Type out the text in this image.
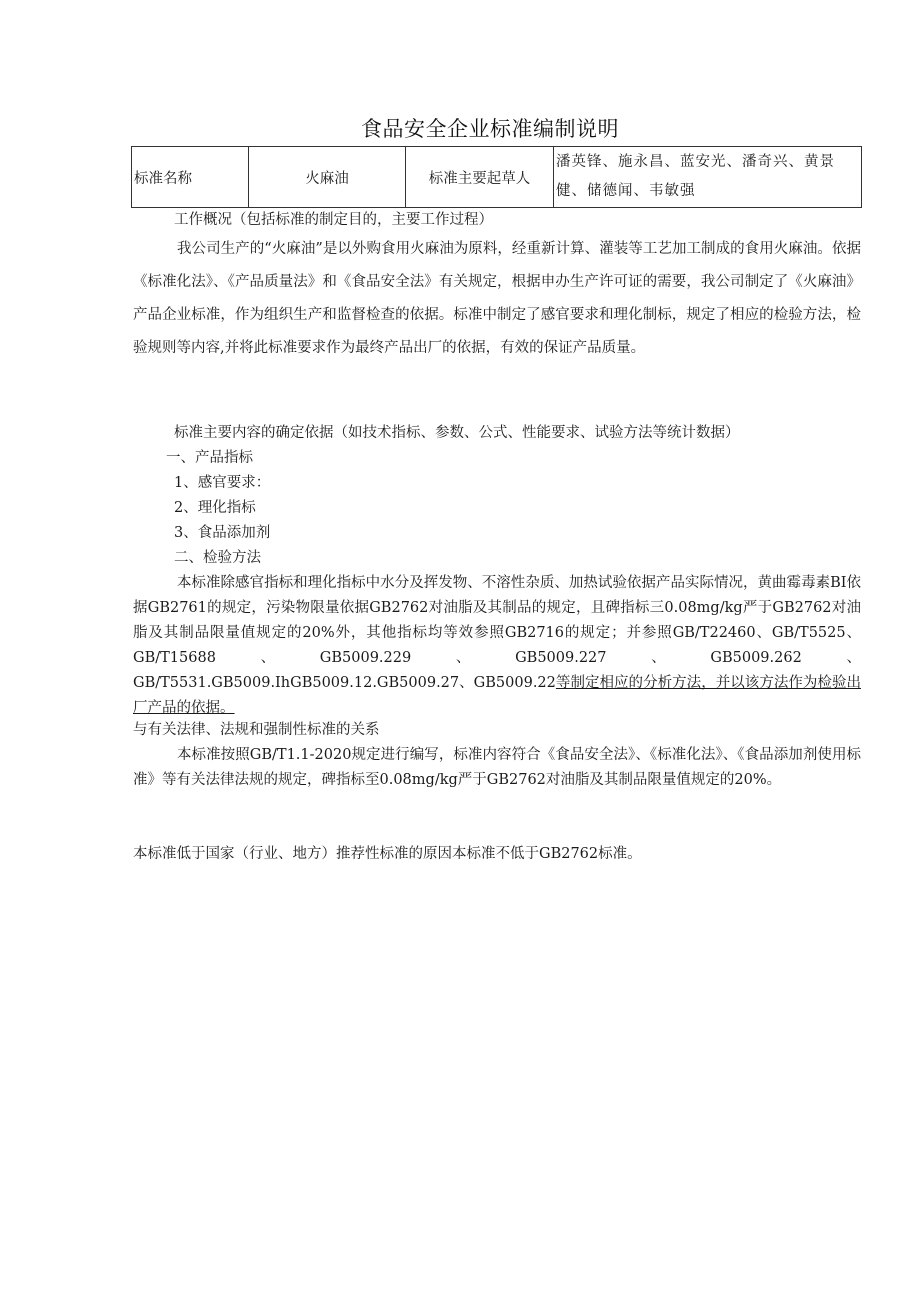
食品安全企业标准编制说明
标准名称	火麻油	标准主要起草人	潘英锋、施永昌、蓝安光、潘奇兴、黄景健、储德闻、韦敏强

工作概况（包括标准的制定目的，主要工作过程）

我公司生产的“火麻油”是以外购食用火麻油为原料，经重新计算、灌装等工艺加工制成的食用火麻油。依据《标准化法》、《产品质量法》和《食品安全法》有关规定，根据申办生产许可证的需要，我公司制定了《火麻油》产品企业标准，作为组织生产和监督检查的依据。标准中制定了感官要求和理化制标，规定了相应的检验方法，检验规则等内容,并将此标准要求作为最终产品出厂的依据，有效的保证产品质量。

标准主要内容的确定依据（如技术指标、参数、公式、性能要求、试验方法等统计数据）

一、产品指标

1、感官要求：

2、理化指标

3、食品添加剂

二、检验方法

本标准除感官指标和理化指标中水分及挥发物、不溶性杂质、加热试验依据产品实际情况，黄曲霉毒素BI依据GB2761的规定，污染物限量依据GB2762对油脂及其制品的规定，且碑指标三0.08mg/kg严于GB2762对油脂及其制品限量值规定的20%外，其他指标均等效参照GB2716的规定；并参照GB/T22460、GB/T5525、GB/T15688、GB5009.229、GB5009.227、GB5009.262、GB/T5531.GB5009.IhGB5009.12.GB5009.27、GB5009.22等制定相应的分析方法，并以该方法作为检验出厂产品的依据。

与有关法律、法规和强制性标准的关系

本标准按照GB/T1.1-2020规定进行编写，标准内容符合《食品安全法》、《标准化法》、《食品添加剂使用标准》等有关法律法规的规定，碑指标至0.08mg/kg严于GB2762对油脂及其制品限量值规定的20%。

本标准低于国家（行业、地方）推荐性标准的原因本标准不低于GB2762标准。
